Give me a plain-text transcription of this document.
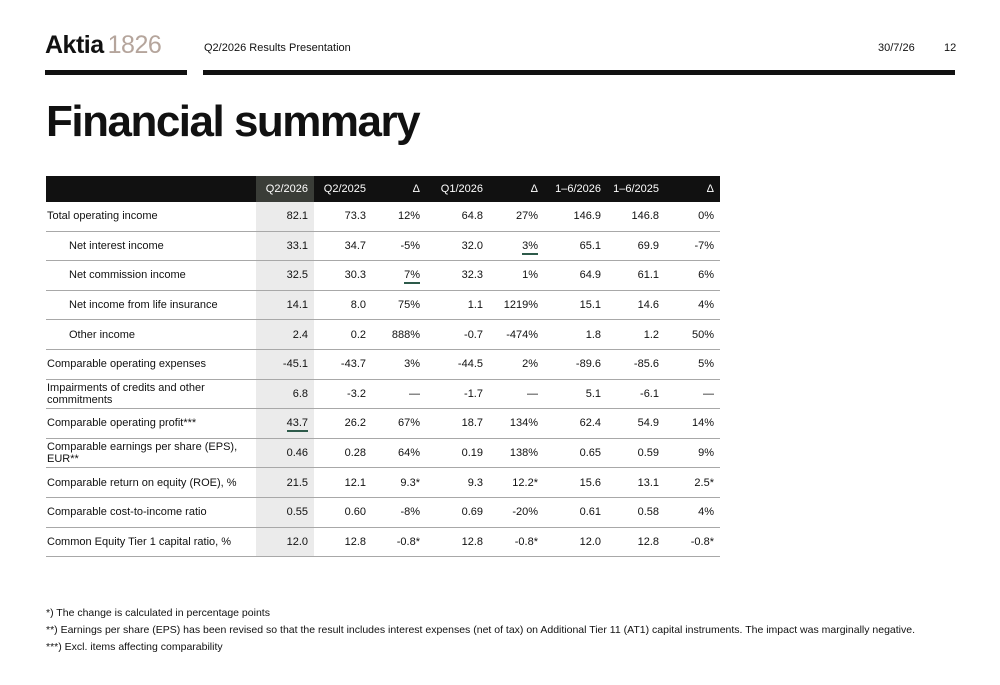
Aktia 1826	Q2/2026 Results Presentation	30/7/26	12
Financial summary
	Q2/2026	Q2/2025	Δ	Q1/2026	Δ	1–6/2026	1–6/2025	Δ
Total operating income	82.1	73.3	12%	64.8	27%	146.9	146.8	0%
Net interest income	33.1	34.7	-5%	32.0	3%	65.1	69.9	-7%
Net commission income	32.5	30.3	7%	32.3	1%	64.9	61.1	6%
Net income from life insurance	14.1	8.0	75%	1.1	1219%	15.1	14.6	4%
Other income	2.4	0.2	888%	-0.7	-474%	1.8	1.2	50%
Comparable operating expenses	-45.1	-43.7	3%	-44.5	2%	-89.6	-85.6	5%
Impairments of credits and other commitments	6.8	-3.2	—	-1.7	—	5.1	-6.1	—
Comparable operating profit***	43.7	26.2	67%	18.7	134%	62.4	54.9	14%
Comparable earnings per share (EPS), EUR**	0.46	0.28	64%	0.19	138%	0.65	0.59	9%
Comparable return on equity (ROE), %	21.5	12.1	9.3*	9.3	12.2*	15.6	13.1	2.5*
Comparable cost-to-income ratio	0.55	0.60	-8%	0.69	-20%	0.61	0.58	4%
Common Equity Tier 1 capital ratio, %	12.0	12.8	-0.8*	12.8	-0.8*	12.0	12.8	-0.8*
*) The change is calculated in percentage points
**) Earnings per share (EPS) has been revised so that the result includes interest expenses (net of tax) on Additional Tier 11 (AT1) capital instruments. The impact was marginally negative.
***) Excl. items affecting comparability
